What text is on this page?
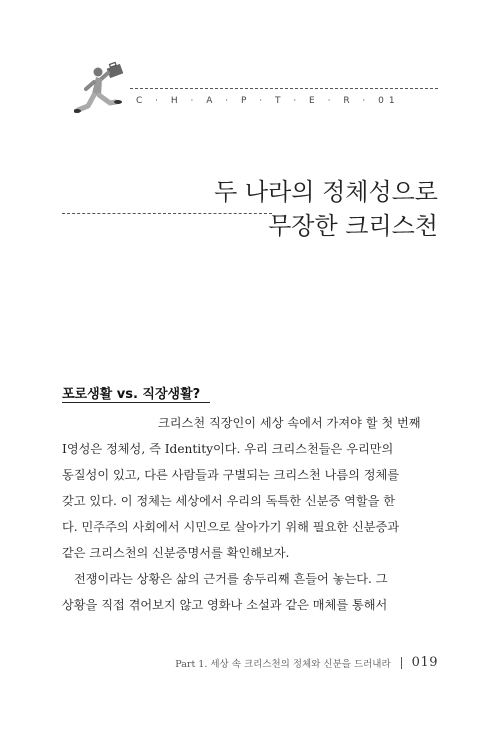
C · H · A · P · T · E · R · 01
두 나라의 정체성으로
무장한 크리스천
포로생활 vs. 직장생활?
크리스천 직장인이 세상 속에서 가져야 할 첫 번째
I영성은 정체성, 즉 Identity이다. 우리 크리스천들은 우리만의
동질성이 있고, 다른 사람들과 구별되는 크리스천 나름의 정체를
갖고 있다. 이 정체는 세상에서 우리의 독특한 신분증 역할을 한
다. 민주주의 사회에서 시민으로 살아가기 위해 필요한 신분증과
같은 크리스천의 신분증명서를 확인해보자.
전쟁이라는 상황은 삶의 근거를 송두리째 흔들어 놓는다. 그
상황을 직접 겪어보지 않고 영화나 소설과 같은 매체를 통해서
Part 1. 세상 속 크리스천의 정체와 신분을 드러내라 019
